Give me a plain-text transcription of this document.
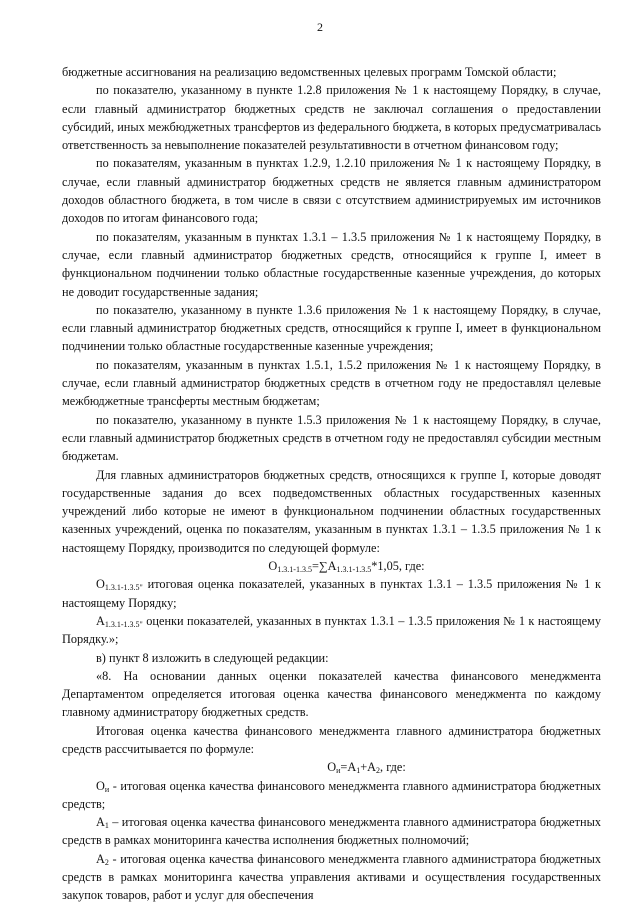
2

бюджетные ассигнования на реализацию ведомственных целевых программ Томской области;

по показателю, указанному в пункте 1.2.8 приложения № 1 к настоящему Порядку, в случае, если главный администратор бюджетных средств не заключал соглашения о предоставлении субсидий, иных межбюджетных трансфертов из федерального бюджета, в которых предусматривалась ответственность за невыполнение показателей результативности в отчетном финансовом году;

по показателям, указанным в пунктах 1.2.9, 1.2.10 приложения № 1 к настоящему Порядку, в случае, если главный администратор бюджетных средств не является главным администратором доходов областного бюджета, в том числе в связи с отсутствием администрируемых им источников доходов по итогам финансового года;

по показателям, указанным в пунктах 1.3.1 – 1.3.5 приложения № 1 к настоящему Порядку, в случае, если главный администратор бюджетных средств, относящийся к группе I, имеет в функциональном подчинении только областные государственные казенные учреждения, до которых не доводит государственные задания;

по показателю, указанному в пункте 1.3.6 приложения № 1 к настоящему Порядку, в случае, если главный администратор бюджетных средств, относящийся к группе I, имеет в функциональном подчинении только областные государственные казенные учреждения;

по показателям, указанным в пунктах 1.5.1, 1.5.2 приложения № 1 к настоящему Порядку, в случае, если главный администратор бюджетных средств в отчетном году не предоставлял целевые межбюджетные трансферты местным бюджетам;

по показателю, указанному в пункте 1.5.3 приложения № 1 к настоящему Порядку, в случае, если главный администратор бюджетных средств в отчетном году не предоставлял субсидии местным бюджетам.

Для главных администраторов бюджетных средств, относящихся к группе I, которые доводят государственные задания до всех подведомственных областных государственных казенных учреждений либо которые не имеют в функциональном подчинении областных государственных казенных учреждений, оценка по показателям, указанным в пунктах 1.3.1 – 1.3.5 приложения № 1 к настоящему Порядку, производится по следующей формуле:

$О_{1.3.1-1.3.5}=\sum А_{1.3.1-1.3.5}*1,05$, где:

$О_{1.3.1-1.3.5"}$ итоговая оценка показателей, указанных в пунктах 1.3.1 – 1.3.5 приложения № 1 к настоящему Порядку;

$А_{1.3.1-1.3.5"}$ оценки показателей, указанных в пунктах 1.3.1 – 1.3.5 приложения № 1 к настоящему Порядку.»;

в) пункт 8 изложить в следующей редакции:

«8. На основании данных оценки показателей качества финансового менеджмента Департаментом определяется итоговая оценка качества финансового менеджмента по каждому главному администратору бюджетных средств.

Итоговая оценка качества финансового менеджмента главного администратора бюджетных средств рассчитывается по формуле:

$О_и=А_1+А_2$, где:

$О_и$ - итоговая оценка качества финансового менеджмента главного администратора бюджетных средств;

$А_1$ – итоговая оценка качества финансового менеджмента главного администратора бюджетных средств в рамках мониторинга качества исполнения бюджетных полномочий;

$А_2$ - итоговая оценка качества финансового менеджмента главного администратора бюджетных средств в рамках мониторинга качества управления активами и осуществления государственных закупок товаров, работ и услуг для обеспечения
